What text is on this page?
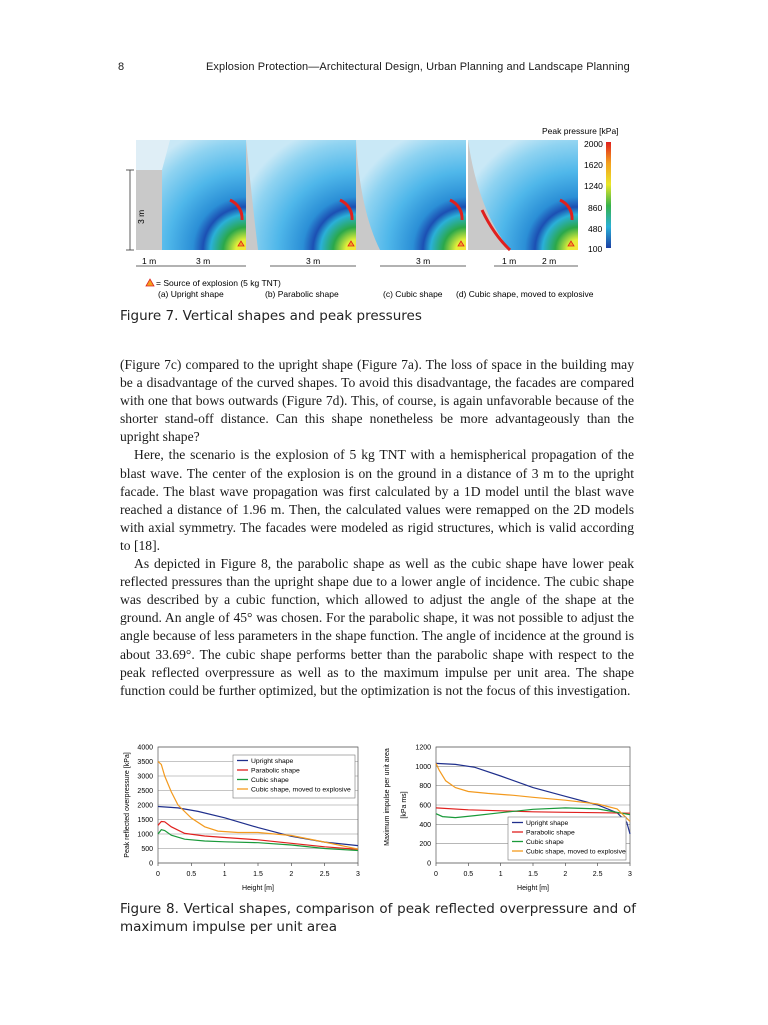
8	Explosion Protection—Architectural Design, Urban Planning and Landscape Planning
Peak pressure [kPa]
2000
1620
1240
860
480
100
3 m
1 m	3 m	3 m	3 m	1 m	2 m
= Source of explosion (5 kg TNT)
(a) Upright shape	(b) Parabolic shape	(c) Cubic shape (d) Cubic shape, moved to explosive
Figure 7. Vertical shapes and peak pressures

(Figure 7c) compared to the upright shape (Figure 7a). The loss of space in the building may be a disadvantage of the curved shapes. To avoid this disadvantage, the facades are compared with one that bows outwards (Figure 7d). This, of course, is again unfavorable because of the shorter stand-off distance. Can this shape nonetheless be more advantageously than the upright shape?

Here, the scenario is the explosion of 5 kg TNT with a hemispherical propagation of the blast wave. The center of the explosion is on the ground in a distance of 3 m to the upright facade. The blast wave propagation was first calculated by a 1D model until the blast wave reached a distance of 1.96 m. Then, the calculated values were remapped on the 2D models with axial symmetry. The facades were modeled as rigid structures, which is valid according to [18].

As depicted in Figure 8, the parabolic shape as well as the cubic shape have lower peak reflected pressures than the upright shape due to a lower angle of incidence. The cubic shape was described by a cubic function, which allowed to adjust the angle of the shape at the ground. An angle of 45° was chosen. For the parabolic shape, it was not possible to adjust the angle because of less parameters in the shape function. The angle of incidence at the ground is about 33.69°. The cubic shape performs better than the parabolic shape with respect to the peak reflected overpressure as well as to the maximum impulse per unit area. The shape function could be further optimized, but the optimization is not the focus of this investigation.

0
500
1000
1500
2000
2500
3000
3500
4000
0	0.5	1	1.5	2	2.5	3
Height [m]
Upright shape
Parabolic shape
Cubic shape
Cubic shape, moved to explosive
Peak reflected overpressure [kPa]
0
200
400
600
800
1000
1200
0	0.5	1	1.5	2	2.5	3
Height [m]
Upright shape
Parabolic shape
Cubic shape
Cubic shape, moved to explosive
Maximum impulse per unit area [kPa ms]
Figure 8. Vertical shapes, comparison of peak reflected overpressure and of maximum impulse per unit area
